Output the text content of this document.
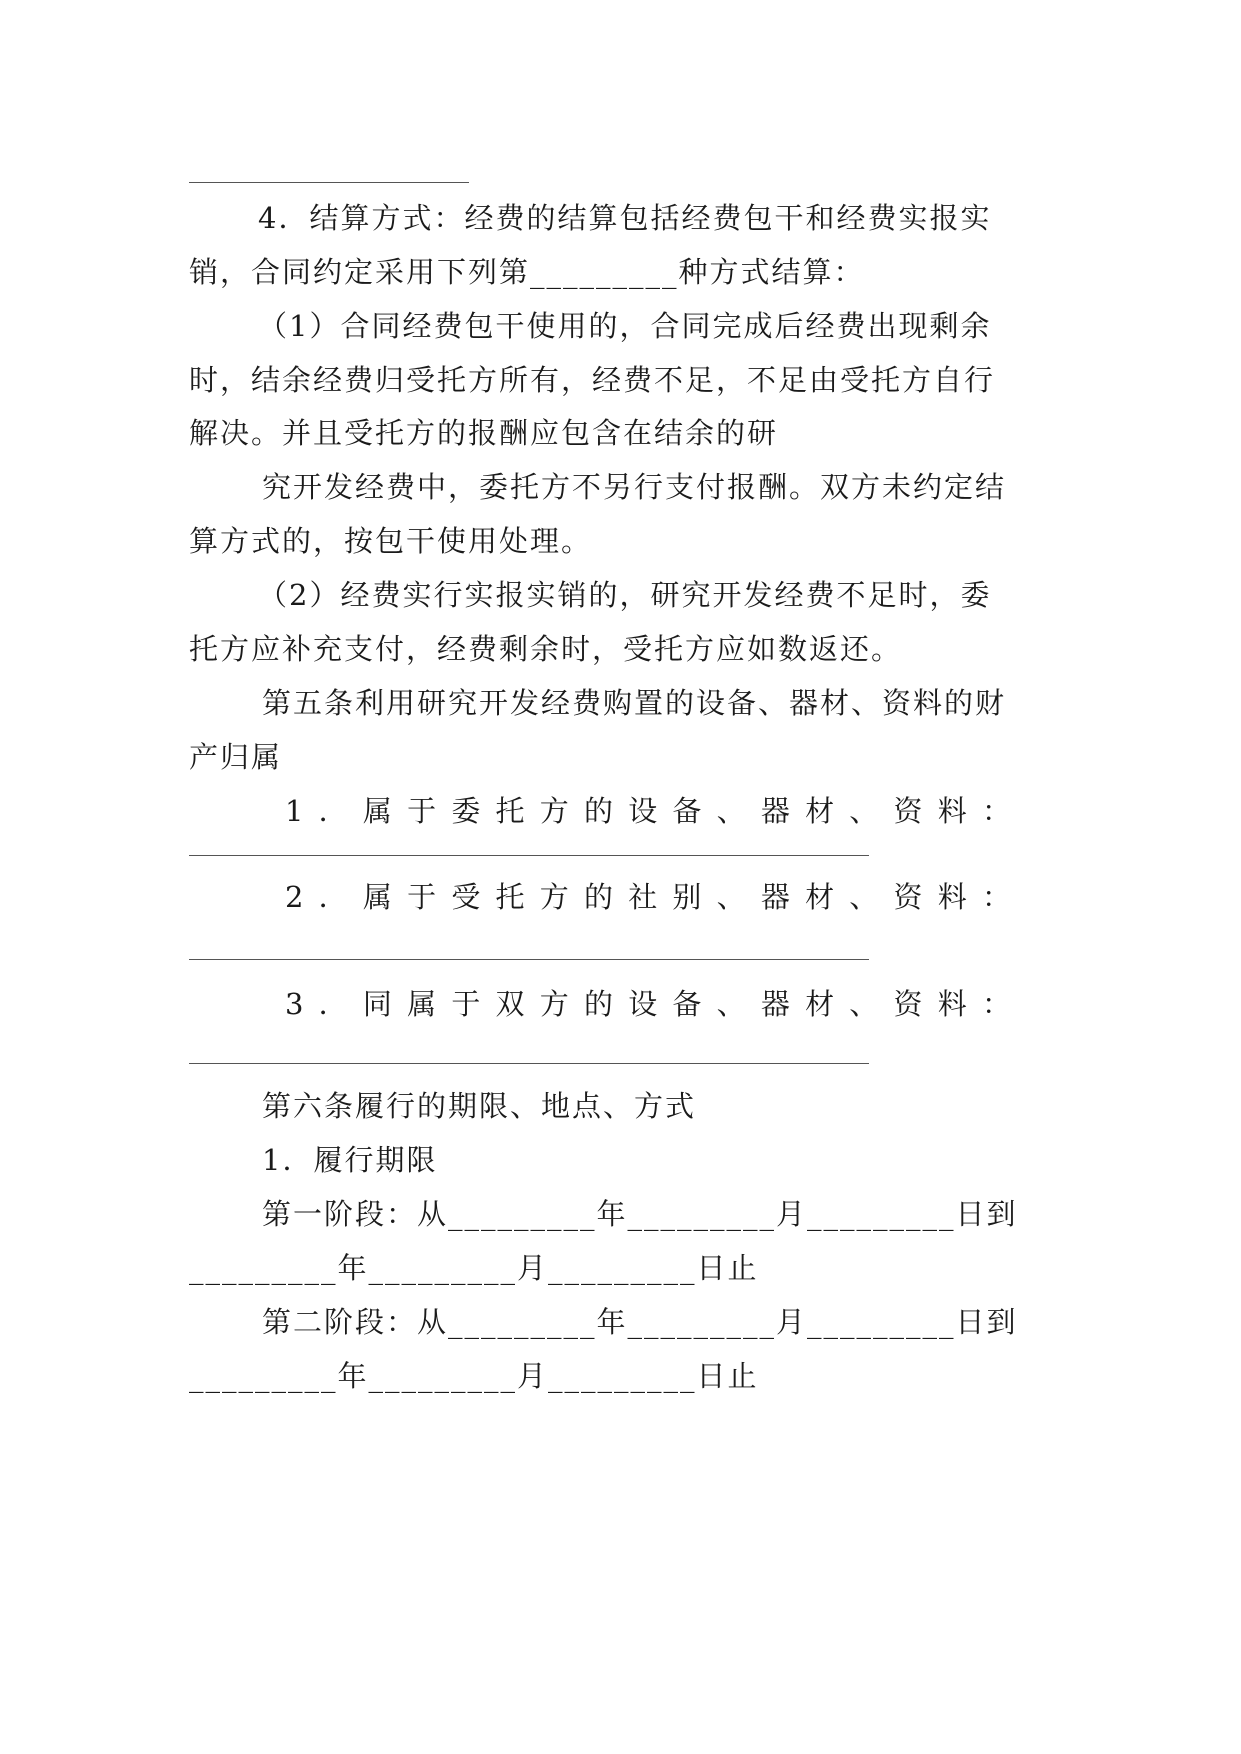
4．结算方式：经费的结算包括经费包干和经费实报实
销，合同约定采用下列第_________种方式结算：
（1）合同经费包干使用的，合同完成后经费出现剩余
时，结余经费归受托方所有，经费不足，不足由受托方自行
解决。并且受托方的报酬应包含在结余的研
究开发经费中，委托方不另行支付报酬。双方未约定结
算方式的，按包干使用处理。
（2）经费实行实报实销的，研究开发经费不足时，委
托方应补充支付，经费剩余时，受托方应如数返还。
第五条利用研究开发经费购置的设备、器材、资料的财
产归属
1 ． 属 于 委 托 方 的 设 备 、 器 材 、 资 料 ：
2 ． 属 于 受 托 方 的 社 别 、 器 材 、 资 料 ：
3 ． 同 属 于 双 方 的 设 备 、 器 材 、 资 料 ：
第六条履行的期限、地点、方式
1．履行期限
第一阶段：从_________年_________月_________日到
_________年_________月_________日止
第二阶段：从_________年_________月_________日到
_________年_________月_________日止
